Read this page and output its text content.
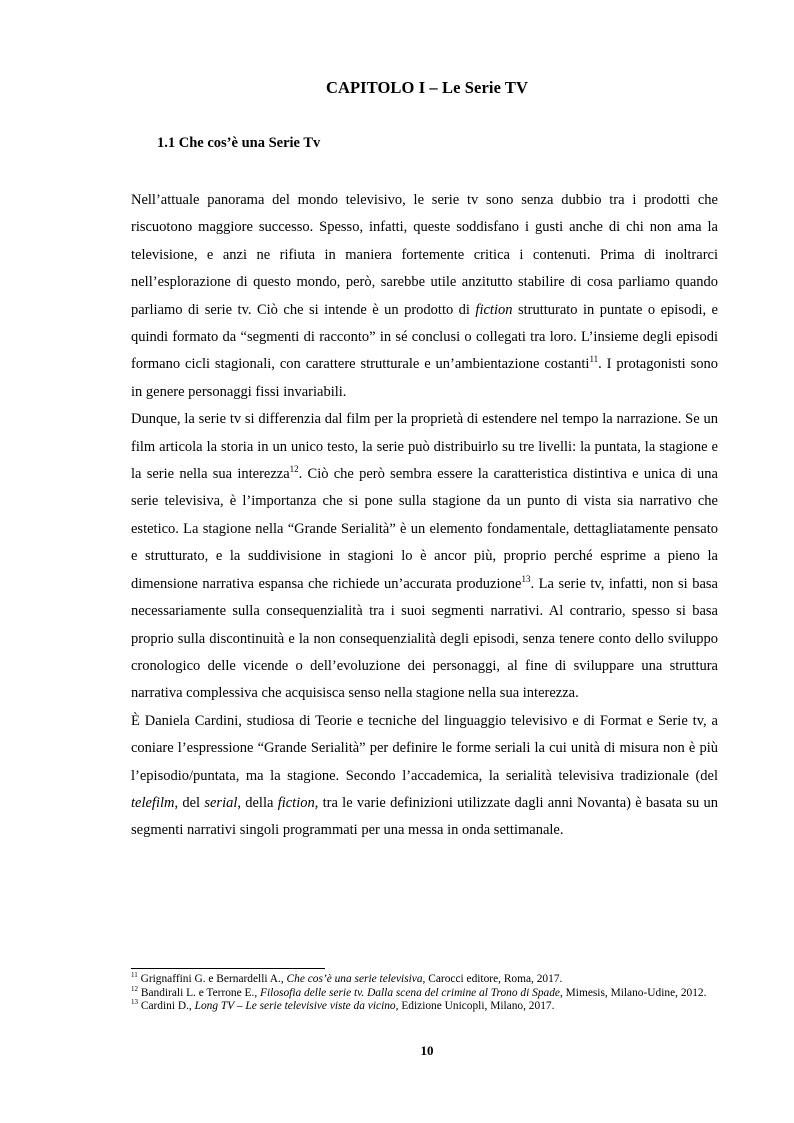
CAPITOLO I – Le Serie TV
1.1 Che cos’è una Serie Tv

Nell’attuale panorama del mondo televisivo, le serie tv sono senza dubbio tra i prodotti che riscuotono maggiore successo. Spesso, infatti, queste soddisfano i gusti anche di chi non ama la televisione, e anzi ne rifiuta in maniera fortemente critica i contenuti. Prima di inoltrarci nell’esplorazione di questo mondo, però, sarebbe utile anzitutto stabilire di cosa parliamo quando parliamo di serie tv. Ciò che si intende è un prodotto di fiction strutturato in puntate o episodi, e quindi formato da “segmenti di racconto” in sé conclusi o collegati tra loro. L’insieme degli episodi formano cicli stagionali, con carattere strutturale e un’ambientazione costanti$^{11}$. I protagonisti sono in genere personaggi fissi invariabili.

Dunque, la serie tv si differenzia dal film per la proprietà di estendere nel tempo la narrazione. Se un film articola la storia in un unico testo, la serie può distribuirlo su tre livelli: la puntata, la stagione e la serie nella sua interezza$^{12}$. Ciò che però sembra essere la caratteristica distintiva e unica di una serie televisiva, è l’importanza che si pone sulla stagione da un punto di vista sia narrativo che estetico. La stagione nella “Grande Serialità” è un elemento fondamentale, dettagliatamente pensato e strutturato, e la suddivisione in stagioni lo è ancor più, proprio perché esprime a pieno la dimensione narrativa espansa che richiede un’accurata produzione$^{13}$. La serie tv, infatti, non si basa necessariamente sulla consequenzialità tra i suoi segmenti narrativi. Al contrario, spesso si basa proprio sulla discontinuità e la non consequenzialità degli episodi, senza tenere conto dello sviluppo cronologico delle vicende o dell’evoluzione dei personaggi, al fine di sviluppare una struttura narrativa complessiva che acquisisca senso nella stagione nella sua interezza.

È Daniela Cardini, studiosa di Teorie e tecniche del linguaggio televisivo e di Format e Serie tv, a coniare l’espressione “Grande Serialità” per definire le forme seriali la cui unità di misura non è più l’episodio/puntata, ma la stagione. Secondo l’accademica, la serialità televisiva tradizionale (del telefilm, del serial, della fiction, tra le varie definizioni utilizzate dagli anni Novanta) è basata su un segmenti narrativi singoli programmati per una messa in onda settimanale.

$^{11}$ Grignaffini G. e Bernardelli A., Che cos’è una serie televisiva, Carocci editore, Roma, 2017.

$^{12}$ Bandirali L. e Terrone E., Filosofia delle serie tv. Dalla scena del crimine al Trono di Spade, Mimesis, Milano-Udine, 2012.

$^{13}$ Cardini D., Long TV – Le serie televisive viste da vicino, Edizione Unicopli, Milano, 2017.

10
